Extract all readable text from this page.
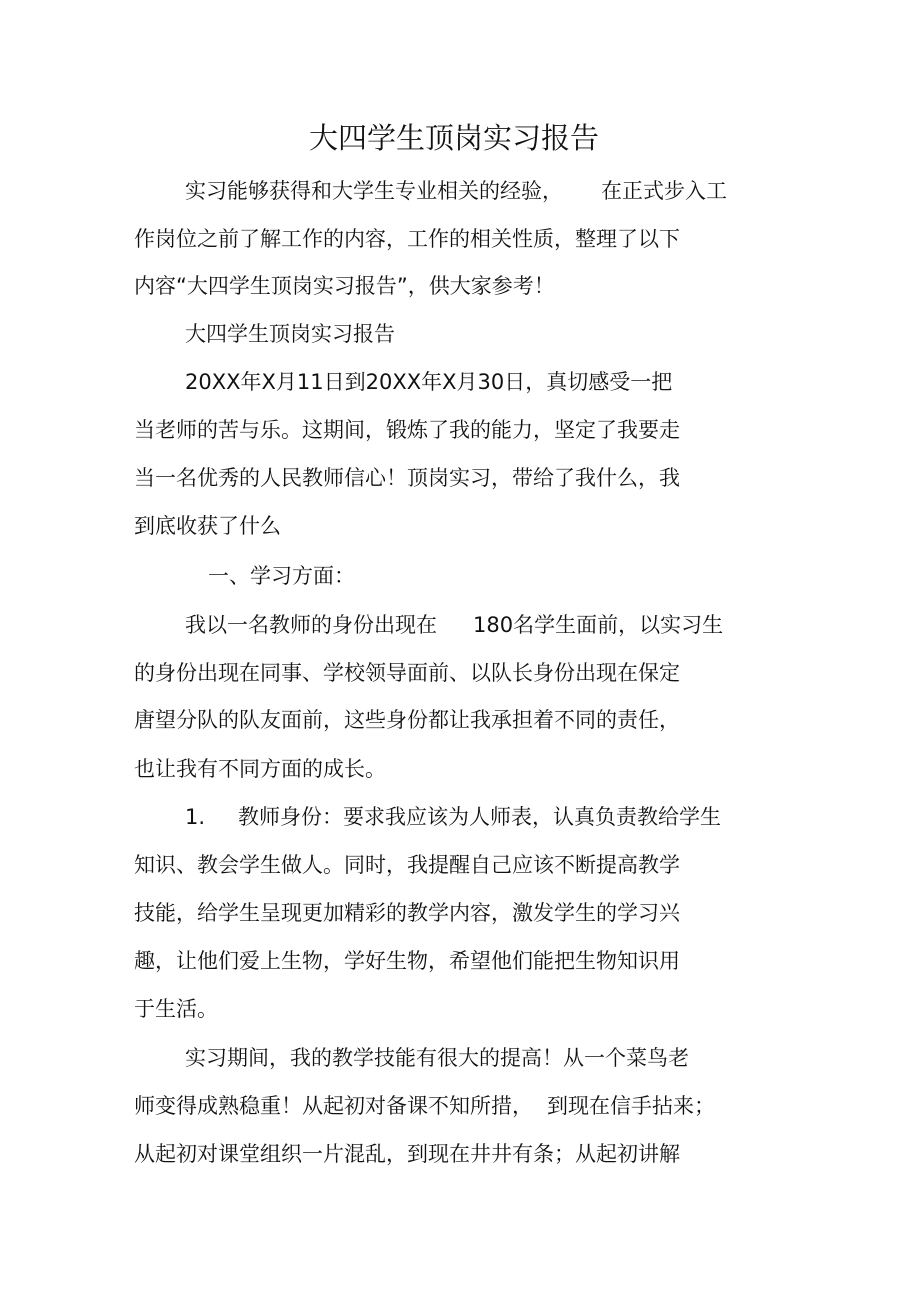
大四学生顶岗实习报告
实习能够获得和大学生专业相关的经验， 在正式步入工
作岗位之前了解工作的内容，工作的相关性质，整理了以下
内容“大四学生顶岗实习报告”，供大家参考！
大四学生顶岗实习报告
20XX年X月11日到20XX年X月30日，真切感受一把
当老师的苦与乐。这期间，锻炼了我的能力，坚定了我要走
当一名优秀的人民教师信心！顶岗实习，带给了我什么，我
到底收获了什么
一、学习方面：
我以一名教师的身份出现在 180名学生面前，以实习生
的身份出现在同事、学校领导面前、以队长身份出现在保定
唐望分队的队友面前，这些身份都让我承担着不同的责任，
也让我有不同方面的成长。
1. 教师身份：要求我应该为人师表，认真负责教给学生
知识、教会学生做人。同时，我提醒自己应该不断提高教学
技能，给学生呈现更加精彩的教学内容，激发学生的学习兴
趣，让他们爱上生物，学好生物，希望他们能把生物知识用
于生活。
实习期间，我的教学技能有很大的提高！从一个菜鸟老
师变得成熟稳重！从起初对备课不知所措， 到现在信手拈来；
从起初对课堂组织一片混乱，到现在井井有条；从起初讲解
